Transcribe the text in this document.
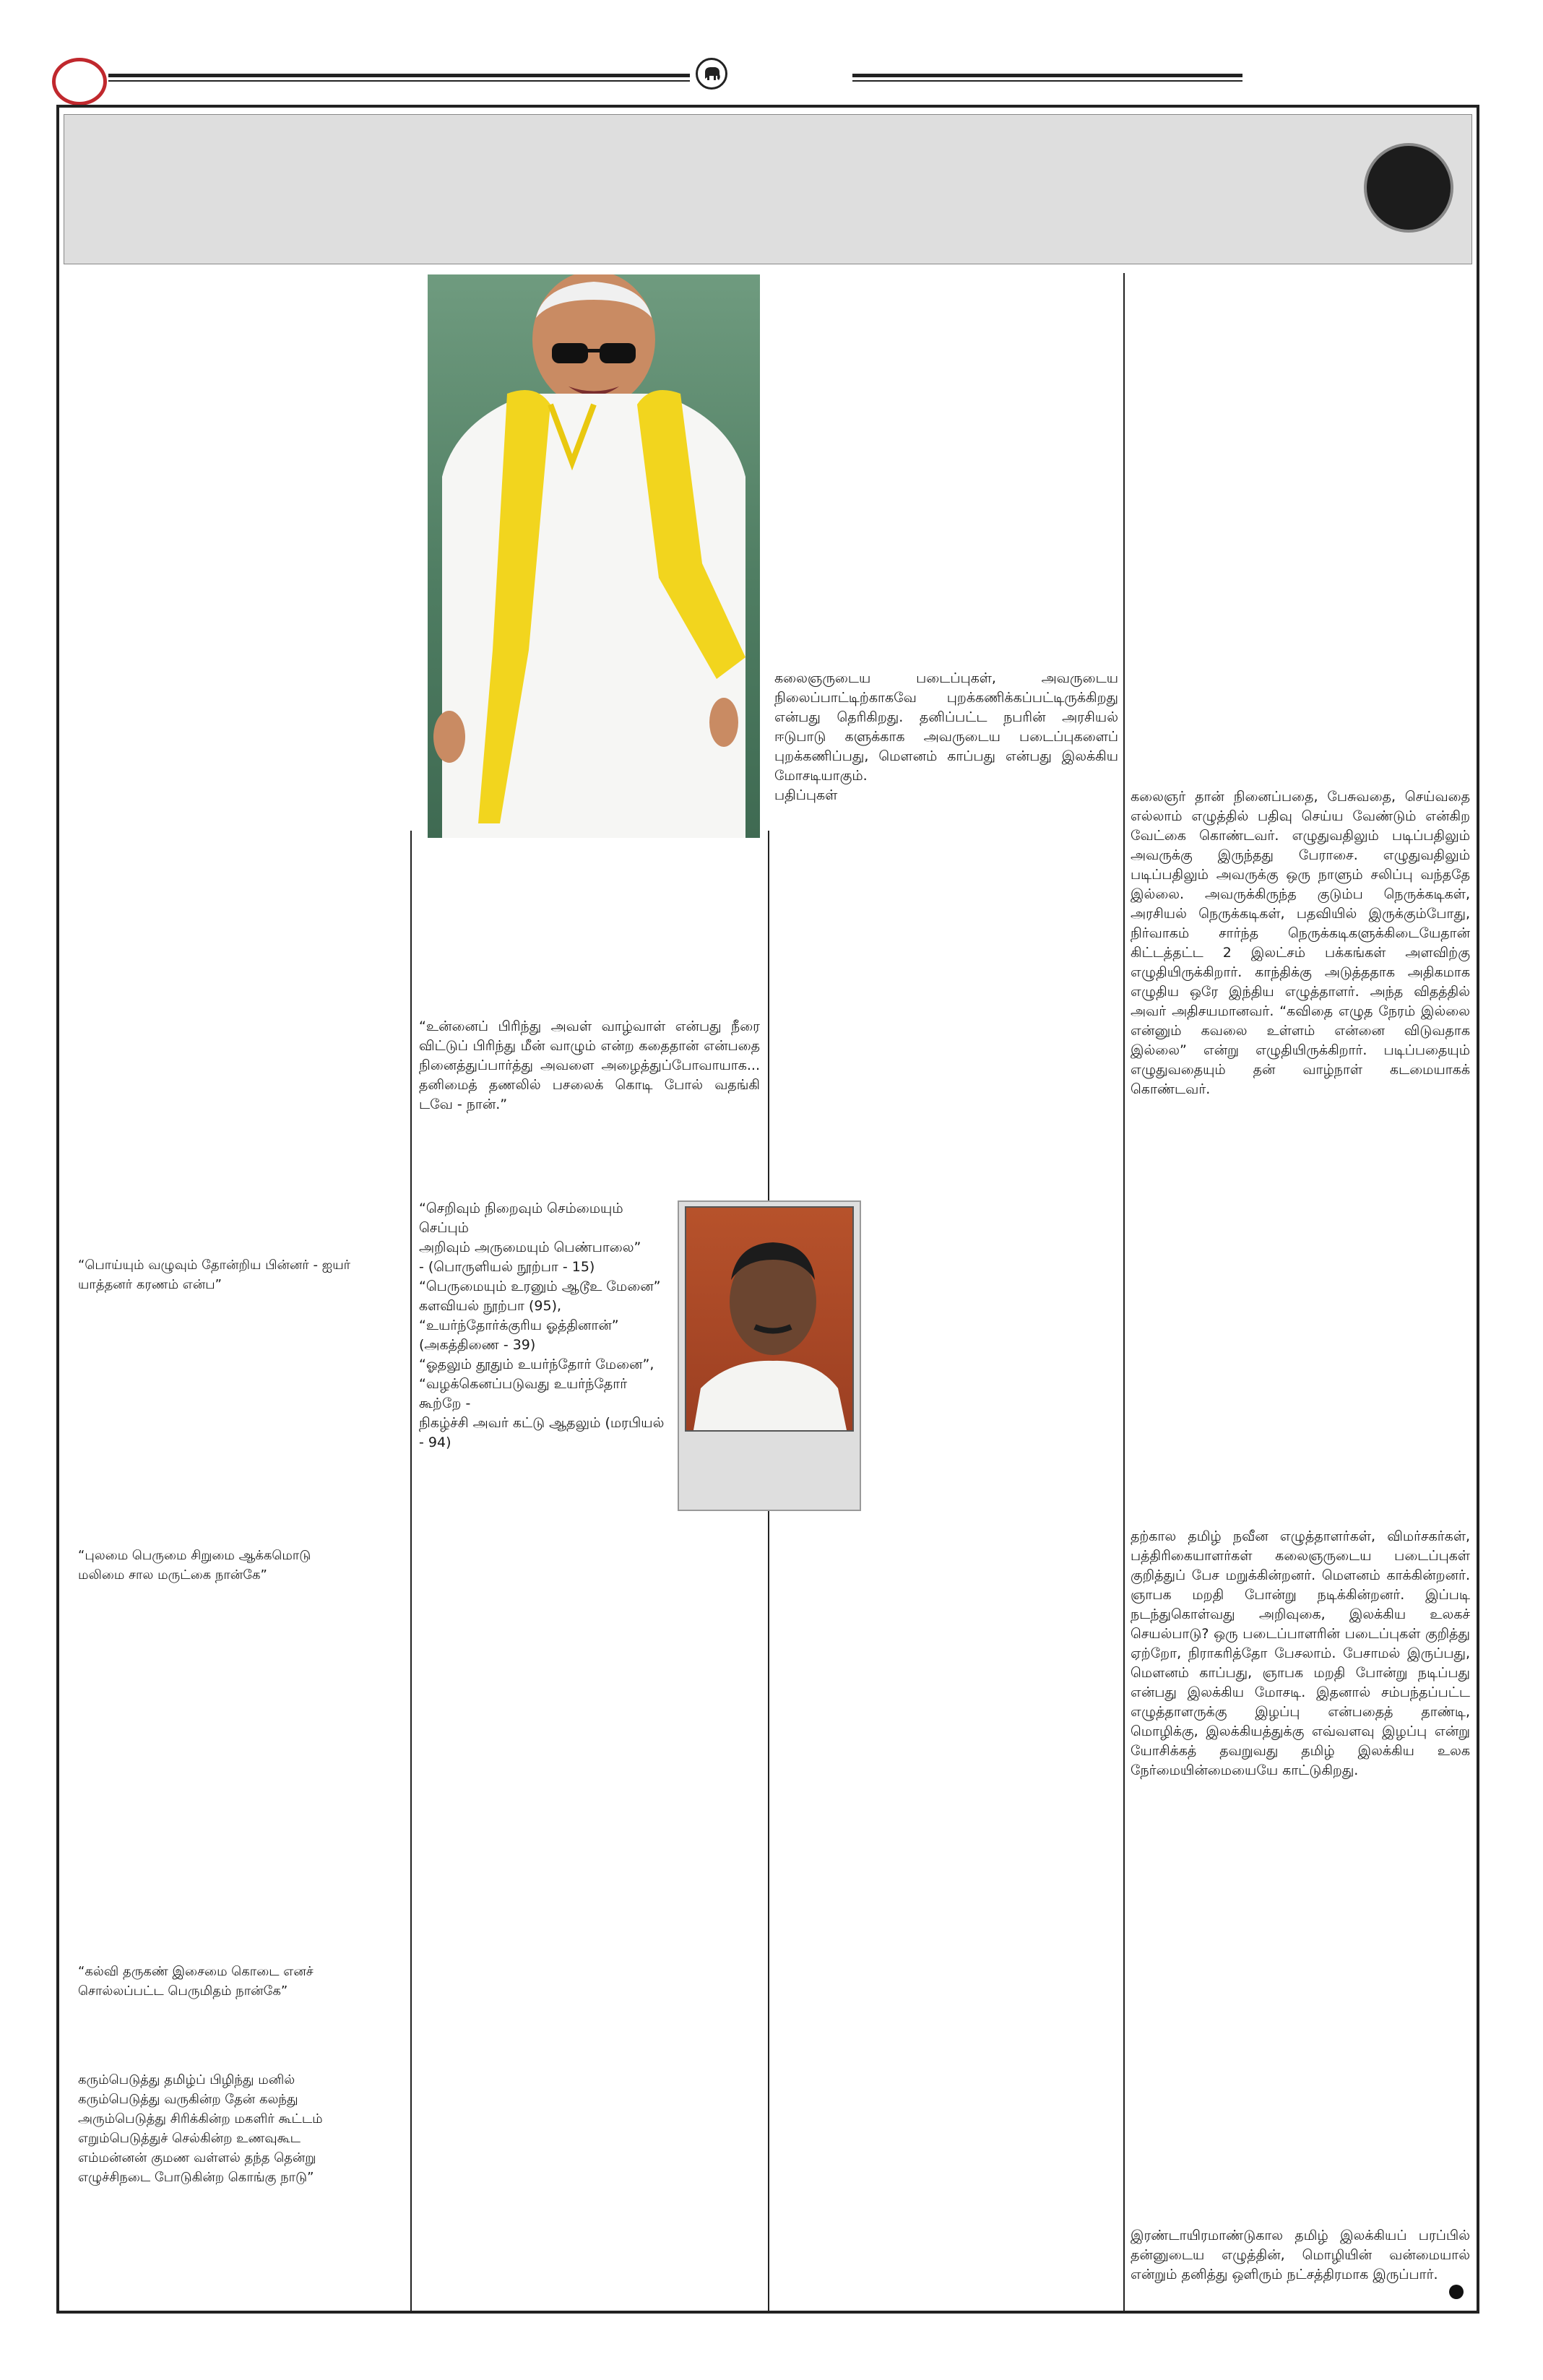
“பொய்யும் வழுவும் தோன்றிய பின்னர் - ஐயர்
யாத்தனர் கரணம் என்ப”
“புலமை பெருமை சிறுமை ஆக்கமொடு
மலிமை சால மருட்கை நான்கே”
“கல்வி தருகண் இசைமை கொடை எனச்
சொல்லப்பட்ட பெருமிதம் நான்கே”
கரும்பெடுத்து தமிழ்ப் பிழிந்து மனில்
கரும்பெடுத்து வருகின்ற தேன் கலந்து
அரும்பெடுத்து சிரிக்கின்ற மகளிர் கூட்டம்
எறும்பெடுத்துச் செல்கின்ற உணவுகூட
எம்மன்னன் குமண வள்ளல் தந்த தென்று
எழுச்சிநடை போடுகின்ற கொங்கு நாடு”
“உன்னைப் பிரிந்து அவள் வாழ்வாள் என்பது நீரை விட்டுப் பிரிந்து மீன் வாழும் என்ற கதைதான் என்பதை நினைத்துப்பார்த்து அவளை அழைத்துப்போவாயாக... தனிமைத் தணலில் பசலைக் கொடி போல் வதங்கி டவே - நான்.”
“செறிவும் நிறைவும் செம்மையும் செப்பும்
அறிவும் அருமையும் பெண்பாலை”
- (பொருளியல் நூற்பா - 15)
“பெருமையும் உரனும் ஆடூஉ மேனை” களவியல் நூற்பா (95),
“உயர்ந்தோர்க்குரிய ஓத்தினான்” (அகத்திணை - 39)
“ஓதலும் தூதும் உயர்ந்தோர் மேனை”,
“வழக்கெனப்படுவது உயர்ந்தோர் கூற்றே -
நிகழ்ச்சி அவர் கட்டு ஆதலும் (மரபியல் - 94)
கலைஞருடைய படைப்புகள், அவருடைய நிலைப்பாட்டிற்காகவே புறக்கணிக்கப்பட்டிருக்கிறது என்பது தெரிகிறது. தனிப்பட்ட நபரின் அரசியல் ஈடுபாடு களுக்காக அவருடைய படைப்புகளைப் புறக்கணிப்பது, மௌனம் காப்பது என்பது இலக்கிய மோசடியாகும்.
பதிப்புகள்	கலைஞர் தான் நினைப்பதை, பேசுவதை, செய்வதை எல்லாம் எழுத்தில் பதிவு செய்ய வேண்டும் என்கிற வேட்கை கொண்டவர். எழுதுவதிலும் படிப்பதிலும் அவருக்கு இருந்தது பேராசை. எழுதுவதிலும் படிப்பதிலும் அவருக்கு ஒரு நாளும் சலிப்பு வந்ததே இல்லை. அவருக்கிருந்த குடும்ப நெருக்கடிகள், அரசியல் நெருக்கடிகள், பதவியில் இருக்கும்போது, நிர்வாகம் சார்ந்த நெருக்கடிகளுக்கிடையேதான் கிட்டத்தட்ட 2 இலட்சம் பக்கங்கள் அளவிற்கு எழுதியிருக்கிறார். காந்திக்கு அடுத்ததாக அதிகமாக எழுதிய ஒரே இந்திய எழுத்தாளர். அந்த விதத்தில் அவர் அதிசயமானவர். “கவிதை எழுத நேரம் இல்லை என்னும் கவலை உள்ளம் என்னை விடுவதாக இல்லை” என்று எழுதியிருக்கிறார். படிப்பதையும் எழுதுவதையும் தன் வாழ்நாள் கடமையாகக் கொண்டவர்.
தற்கால தமிழ் நவீன எழுத்தாளர்கள், விமர்சகர்கள், பத்திரிகையாளர்கள் கலைஞருடைய படைப்புகள் குறித்துப் பேச மறுக்கின்றனர். மௌனம் காக்கின்றனர். ஞாபக மறதி போன்று நடிக்கின்றனர். இப்படி நடந்துகொள்வது அறிவுகை, இலக்கிய உலகச் செயல்பாடு? ஒரு படைப்பாளரின் படைப்புகள் குறித்து ஏற்றோ, நிராகரித்தோ பேசலாம். பேசாமல் இருப்பது, மௌனம் காப்பது, ஞாபக மறதி போன்று நடிப்பது என்பது இலக்கிய மோசடி. இதனால் சம்பந்தப்பட்ட எழுத்தாளருக்கு இழப்பு என்பதைத் தாண்டி, மொழிக்கு, இலக்கியத்துக்கு எவ்வளவு இழப்பு என்று யோசிக்கத் தவறுவது தமிழ் இலக்கிய உலக நேர்மையின்மையையே காட்டுகிறது.
இரண்டாயிரமாண்டுகால தமிழ் இலக்கியப் பரப்பில் தன்னுடைய எழுத்தின், மொழியின் வன்மையால் என்றும் தனித்து ஒளிரும் நட்சத்திரமாக இருப்பார்.
